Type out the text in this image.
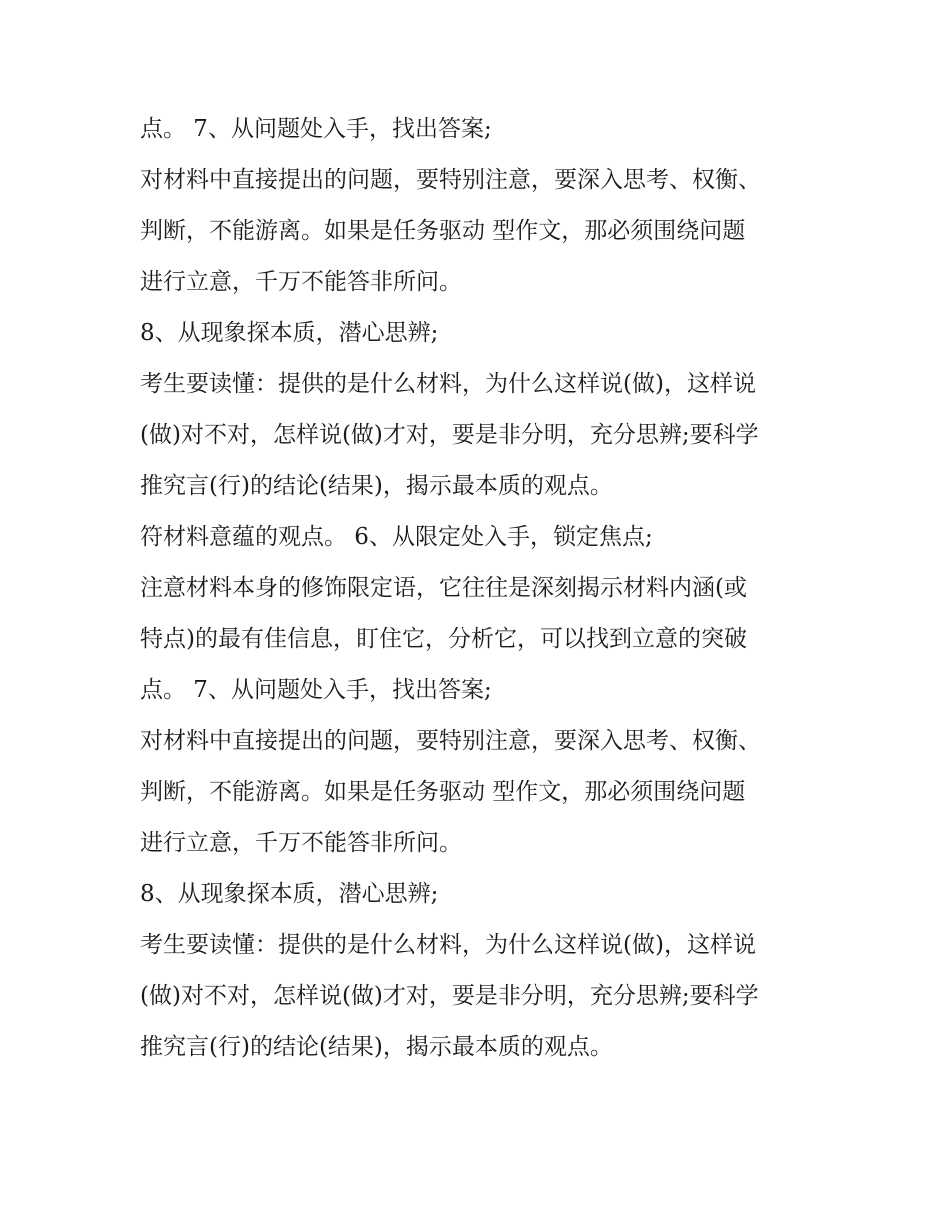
点。 7、从问题处入手，找出答案;

对材料中直接提出的问题，要特别注意，要深入思考、权衡、

判断，不能游离。如果是任务驱动 型作文，那必须围绕问题

进行立意，千万不能答非所问。

8、从现象探本质，潜心思辨;

考生要读懂：提供的是什么材料，为什么这样说(做)，这样说

(做)对不对，怎样说(做)才对，要是非分明，充分思辨;要科学

推究言(行)的结论(结果)，揭示最本质的观点。

符材料意蕴的观点。 6、从限定处入手，锁定焦点;

注意材料本身的修饰限定语，它往往是深刻揭示材料内涵(或

特点)的最有佳信息，盯住它，分析它，可以找到立意的突破

点。 7、从问题处入手，找出答案;

对材料中直接提出的问题，要特别注意，要深入思考、权衡、

判断，不能游离。如果是任务驱动 型作文，那必须围绕问题

进行立意，千万不能答非所问。

8、从现象探本质，潜心思辨;

考生要读懂：提供的是什么材料，为什么这样说(做)，这样说

(做)对不对，怎样说(做)才对，要是非分明，充分思辨;要科学

推究言(行)的结论(结果)，揭示最本质的观点。
